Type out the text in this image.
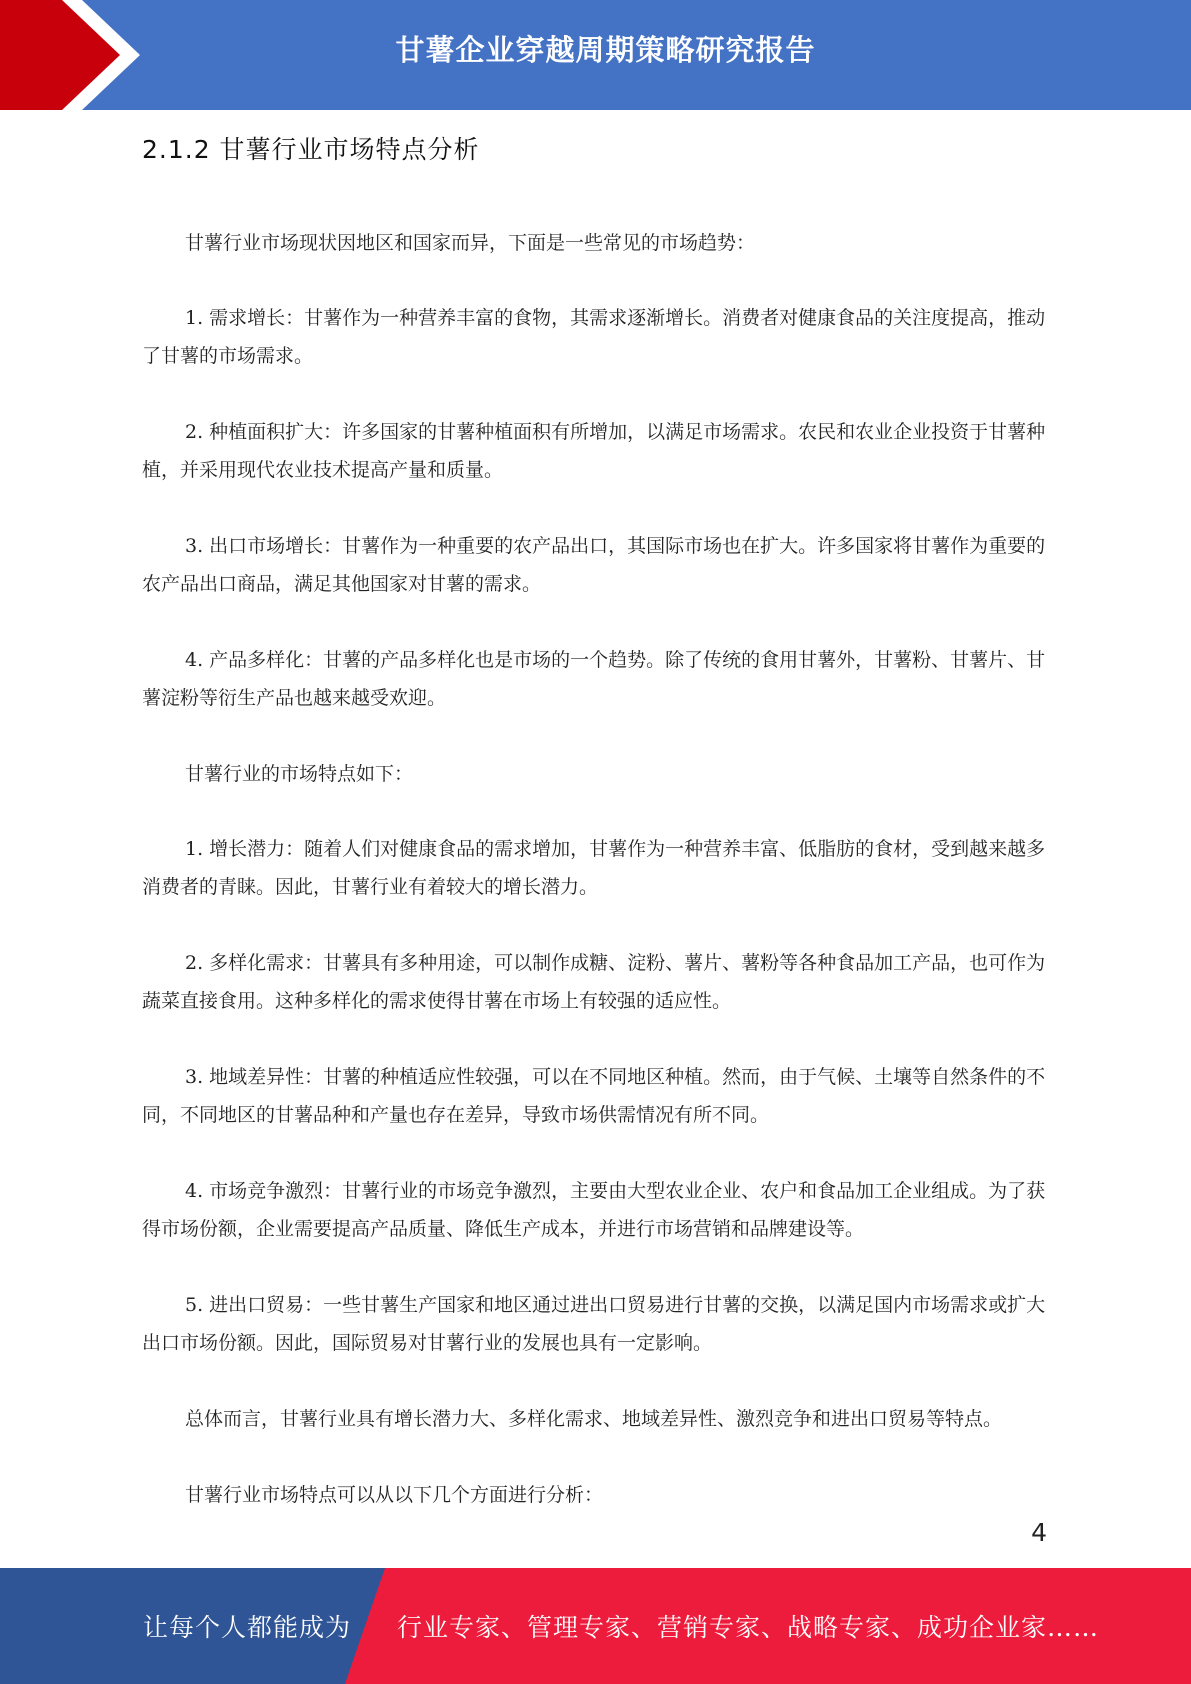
甘薯企业穿越周期策略研究报告
2.1.2 甘薯行业市场特点分析

甘薯行业市场现状因地区和国家而异，下面是一些常见的市场趋势：

1. 需求增长：甘薯作为一种营养丰富的食物，其需求逐渐增长。消费者对健康食品的关注度提高，推动了甘薯的市场需求。

2. 种植面积扩大：许多国家的甘薯种植面积有所增加，以满足市场需求。农民和农业企业投资于甘薯种植，并采用现代农业技术提高产量和质量。

3. 出口市场增长：甘薯作为一种重要的农产品出口，其国际市场也在扩大。许多国家将甘薯作为重要的农产品出口商品，满足其他国家对甘薯的需求。

4. 产品多样化：甘薯的产品多样化也是市场的一个趋势。除了传统的食用甘薯外，甘薯粉、甘薯片、甘薯淀粉等衍生产品也越来越受欢迎。

甘薯行业的市场特点如下：

1. 增长潜力：随着人们对健康食品的需求增加，甘薯作为一种营养丰富、低脂肪的食材，受到越来越多消费者的青睐。因此，甘薯行业有着较大的增长潜力。

2. 多样化需求：甘薯具有多种用途，可以制作成糖、淀粉、薯片、薯粉等各种食品加工产品，也可作为蔬菜直接食用。这种多样化的需求使得甘薯在市场上有较强的适应性。

3. 地域差异性：甘薯的种植适应性较强，可以在不同地区种植。然而，由于气候、土壤等自然条件的不同，不同地区的甘薯品种和产量也存在差异，导致市场供需情况有所不同。

4. 市场竞争激烈：甘薯行业的市场竞争激烈，主要由大型农业企业、农户和食品加工企业组成。为了获得市场份额，企业需要提高产品质量、降低生产成本，并进行市场营销和品牌建设等。

5. 进出口贸易：一些甘薯生产国家和地区通过进出口贸易进行甘薯的交换，以满足国内市场需求或扩大出口市场份额。因此，国际贸易对甘薯行业的发展也具有一定影响。

总体而言，甘薯行业具有增长潜力大、多样化需求、地域差异性、激烈竞争和进出口贸易等特点。

甘薯行业市场特点可以从以下几个方面进行分析：

4
让每个人都能成为 行业专家、管理专家、营销专家、战略专家、成功企业家……
